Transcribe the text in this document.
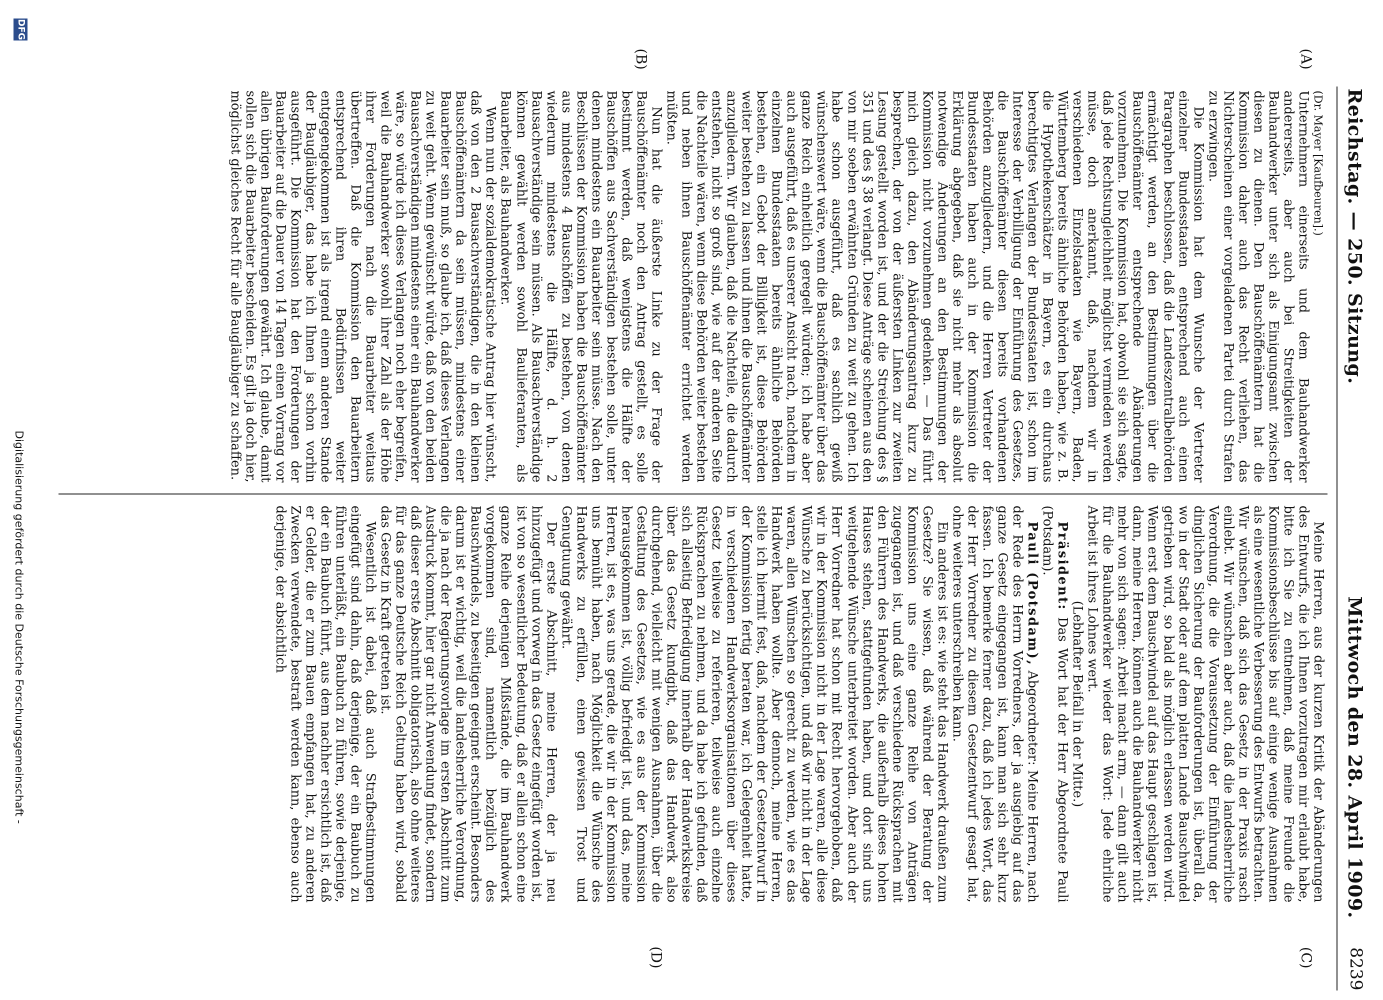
Reichstag. — 250. Sitzung.
Mittwoch den 28. April 1909.
8239
(A)
(B)
(C)
(D)

(Dr. Mayer [Kaufbeuren].)

Unternehmern einerseits und dem Bauhandwerker andererseits, aber auch bei Streitigkeiten der Bauhandwerker unter sich als Einigungsamt zwischen diesen zu dienen. Den Bauschöffenämtern hat die Kommission daher auch das Recht verliehen, das Nichterscheinen einer vorgeladenen Partei durch Strafen zu erzwingen.

Die Kommission hat dem Wunsche der Vertreter einzelner Bundesstaaten entsprechend auch einen Paragraphen beschlossen, daß die Landeszentralbehörden ermächtigt werden, an den Bestimmungen über die Bauschöffenämter entsprechende Abänderungen vorzunehmen. Die Kommission hat, obwohl sie sich sagte, daß jede Rechtsungleichheit möglichst vermieden werden müsse, doch anerkannt, daß, nachdem wir in verschiedenen Einzelstaaten wie Bayern, Baden, Württemberg bereits ähnliche Behörden haben, wie z. B. die Hypothekenschätzer in Bayern, es ein durchaus berechtigtes Verlangen der Bundesstaaten ist, schon im Interesse der Verbilligung der Einführung des Gesetzes, die Bauschöffenämter diesen bereits vorhandenen Behörden anzugliedern, und die Herren Vertreter der Bundesstaaten haben auch in der Kommission die Erklärung abgegeben, daß sie nicht mehr als absolut notwendige Änderungen an den Bestimmungen der Kommission nicht vorzunehmen gedenken. — Das führt mich gleich dazu, den Abänderungsantrag kurz zu besprechen, der von der äußersten Linken zur zweiten Lesung gestellt worden ist, und der die Streichung des § 351 und des § 38 verlangt. Diese Anträge scheinen aus den von mir soeben erwähnten Gründen zu weit zu gehen. Ich habe schon ausgeführt, daß es sachlich gewiß wünschenswert wäre, wenn die Bauschöffenämter über das ganze Reich einheitlich geregelt würden; ich habe aber auch ausgeführt, daß es unserer Ansicht nach, nachdem in einzelnen Bundesstaaten bereits ähnliche Behörden bestehen, ein Gebot der Billigkeit ist, diese Behörden weiter bestehen zu lassen und ihnen die Bauschöffenämter anzugliedern. Wir glauben, daß die Nachteile, die dadurch entstehen, nicht so groß sind, wie auf der anderen Seite die Nachteile wären, wenn diese Behörden weiter bestehen und neben ihnen Bauschöffenämter errichtet werden müßten.

Nun hat die äußerste Linke zu der Frage der Bauschöffenämter noch den Antrag gestellt, es solle bestimmt werden, daß wenigstens die Hälfte der Bauschöffen aus Sachverständigen bestehen solle, unter denen mindestens ein Bauarbeiter sein müsse. Nach den Beschlüssen der Kommission haben die Bauschöffenämter aus mindestens 4 Bauschöffen zu bestehen, von denen wiederum mindestens die Hälfte, d. h. 2 Bausachverständige sein müssen. Als Bausachverständige können gewählt werden sowohl Baulieferanten, als Bauarbeiter, als Bauhandwerker.

Wenn nun der sozialdemokratische Antrag hier wünscht, daß von den 2 Bausachverständigen, die in den kleinen Bauschöffenämtern da sein müssen, mindestens einer Bauarbeiter sein muß, so glaube ich, daß dieses Verlangen zu weit geht. Wenn gewünscht würde, daß von den beiden Bausachverständigen mindestens einer ein Bauhandwerker wäre, so würde ich dieses Verlangen noch eher begreifen, weil die Bauhandwerker sowohl ihrer Zahl als der Höhe ihrer Forderungen nach die Bauarbeiter weitaus übertreffen. Daß die Kommission den Bauarbeitern entsprechend ihren Bedürfnissen weiter entgegengekommen ist als irgend einem anderen Stande der Baugläubiger, das habe ich Ihnen ja schon vorhin ausgeführt. Die Kommission hat den Forderungen der Bauarbeiter auf die Dauer von 14 Tagen einen Vorrang vor allen übrigen Bauforderungen gewährt. Ich glaube, damit sollen sich die Bauarbeiter bescheiden. Es gilt ja doch hier, möglichst gleiches Recht für alle Baugläubiger zu schaffen.

Meine Herren, aus der kurzen Kritik der Abänderungen des Entwurfs, die ich Ihnen vorzutragen mir erlaubt habe, bitte ich Sie zu entnehmen, daß meine Freunde die Kommissionsbeschlüsse bis auf einige wenige Ausnahmen als eine wesentliche Verbesserung des Entwurfs betrachten. Wir wünschen, daß sich das Gesetz in der Praxis rasch einlebt. Wir wünschen aber auch, daß die landesherrliche Verordnung, die die Voraussetzung der Einführung der dinglichen Sicherung der Bauforderungen ist, überall da, wo in der Stadt oder auf dem platten Lande Bauschwindel getrieben wird, so bald als möglich erlassen werden wird. Wenn erst dem Bauschwindel auf das Haupt geschlagen ist, dann, meine Herren, können auch die Bauhandwerker nicht mehr von sich sagen: Arbeit macht arm, — dann gilt auch für die Bauhandwerker wieder das Wort: Jede ehrliche Arbeit ist ihres Lohnes wert.

(Lebhafter Beifall in der Mitte.)

Präsident: Das Wort hat der Herr Abgeordnete Pauli (Potsdam).

Pauli (Potsdam), Abgeordneter: Meine Herren, nach der Rede des Herrn Vorredners, der ja ausgiebig auf das ganze Gesetz eingegangen ist, kann man sich sehr kurz fassen. Ich bemerke ferner dazu, daß ich jedes Wort, das der Herr Vorredner zu diesem Gesetzentwurf gesagt hat, ohne weiteres unterschreiben kann.

Ein anderes ist es: wie steht das Handwerk draußen zum Gesetze? Sie wissen, daß während der Beratung der Kommission uns eine ganze Reihe von Anträgen zugegangen ist, und daß verschiedene Rücksprachen mit den Führern des Handwerks, die außerhalb dieses hohen Hauses stehen, stattgefunden haben, und dort sind uns weitgehende Wünsche unterbreitet worden. Aber auch der Herr Vorredner hat schon mit Recht hervorgehoben, daß wir in der Kommission nicht in der Lage waren, alle diese Wünsche zu berücksichtigen, und daß wir nicht in der Lage waren, allen Wünschen so gerecht zu werden, wie es das Handwerk haben wollte. Aber dennoch, meine Herren, stelle ich hiermit fest, daß, nachdem der Gesetzentwurf in der Kommission fertig beraten war, ich Gelegenheit hatte, in verschiedenen Handwerksorganisationen über dieses Gesetz teilweise zu referieren, teilweise auch einzelne Rücksprachen zu nehmen, und da habe ich gefunden, daß sich allseitig Befriedigung innerhalb der Handwerkskreise über das Gesetz kundgibt, daß das Handwerk also durchgehend, vielleicht mit wenigen Ausnahmen, über die Gestaltung des Gesetzes, wie es aus der Kommission herausgekommen ist, völlig befriedigt ist, und das, meine Herren, ist es, was uns gerade, die wir in der Kommission uns bemüht haben, nach Möglichkeit die Wünsche des Handwerks zu erfüllen, einen gewissen Trost und Genugtuung gewährt.

Der erste Abschnitt, meine Herren, der ja neu hinzugefügt und vorweg in das Gesetz eingefügt worden ist, ist von so wesentlicher Bedeutung, daß er allein schon eine ganze Reihe derjenigen Mißstände, die im Bauhandwerk vorgekommen sind, namentlich bezüglich des Bauschwindels, zu beseitigen geeignet erscheint. Besonders darum ist er wichtig, weil die landesherrliche Verordnung, die ja nach der Regierungsvorlage im ersten Abschnitt zum Ausdruck kommt, hier gar nicht Anwendung findet, sondern daß dieser erste Abschnitt obligatorisch, also ohne weiteres für das ganze Deutsche Reich Geltung haben wird, sobald das Gesetz in Kraft getreten ist.

Wesentlich ist dabei, daß auch Strafbestimmungen eingefügt sind dahin, daß derjenige, der ein Baubuch zu führen unterläßt, ein Baubuch zu führen, sowie derjenige, der ein Baubuch führt, aus dem nachher ersichtlich ist, daß er Gelder, die er zum Bauen empfangen hat, zu anderen Zwecken verwendete, bestraft werden kann, ebenso auch derjenige, der absichtlich

DFG
Digitalisierung gefördert durch die Deutsche Forschungsgemeinschaft -
